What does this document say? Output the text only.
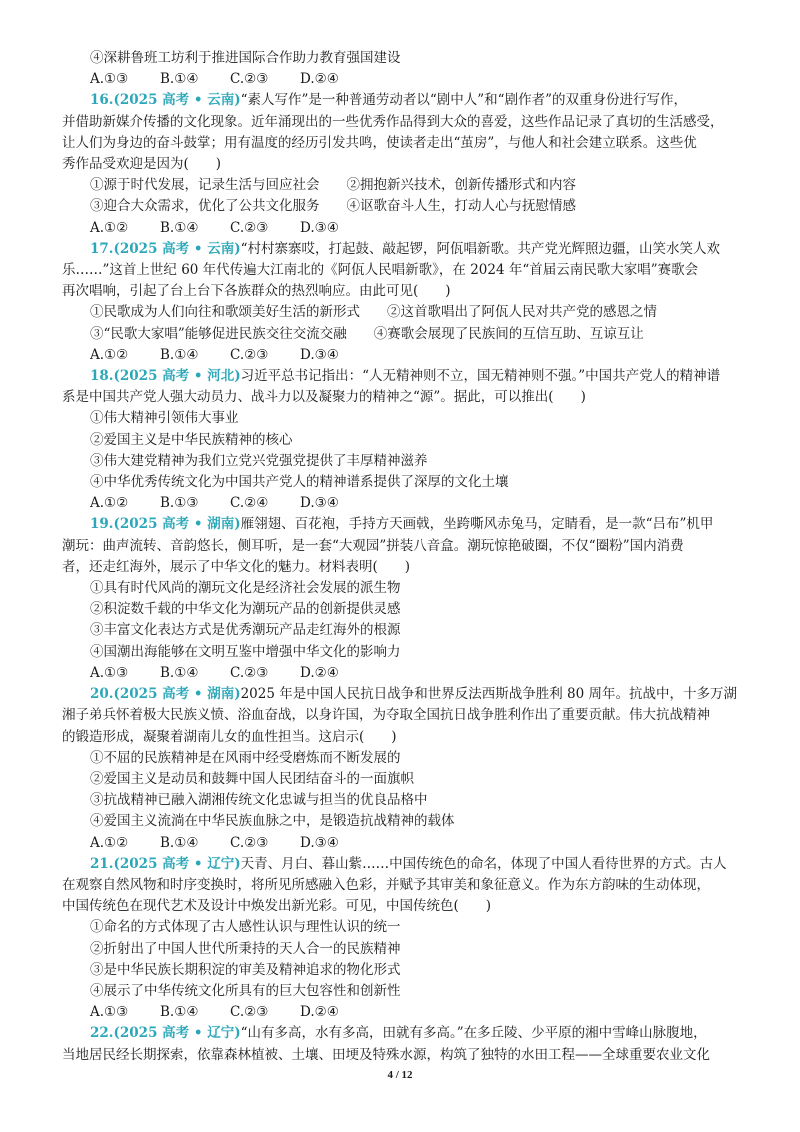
④深耕鲁班工坊利于推进国际合作助力教育强国建设
A.①③ B.①④ C.②③ D.②④
16.(2025 高考 • 云南)“素人写作”是一种普通劳动者以“剧中人”和“剧作者”的双重身份进行写作，
并借助新媒介传播的文化现象。近年涌现出的一些优秀作品得到大众的喜爱，这些作品记录了真切的生活感受，
让人们为身边的奋斗鼓掌；用有温度的经历引发共鸣，使读者走出“茧房”，与他人和社会建立联系。这些优
秀作品受欢迎是因为(　　)
①源于时代发展，记录生活与回应社会　　②拥抱新兴技术，创新传播形式和内容
③迎合大众需求，优化了公共文化服务　　④讴歌奋斗人生，打动人心与抚慰情感
A.①② B.①④ C.②③ D.③④
17.(2025 高考 • 云南)“村村寨寨哎，打起鼓、敲起锣，阿佤唱新歌。共产党光辉照边疆，山笑水笑人欢
乐……”这首上世纪 60 年代传遍大江南北的《阿佤人民唱新歌》，在 2024 年“首届云南民歌大家唱”赛歌会
再次唱响，引起了台上台下各族群众的热烈响应。由此可见(　　)
①民歌成为人们向往和歌颂美好生活的新形式　　②这首歌唱出了阿佤人民对共产党的感恩之情
③“民歌大家唱”能够促进民族交往交流交融　　④赛歌会展现了民族间的互信互助、互谅互让
A.①② B.①④ C.②③ D.③④
18.(2025 高考 • 河北)习近平总书记指出：“人无精神则不立，国无精神则不强。”中国共产党人的精神谱
系是中国共产党人强大动员力、战斗力以及凝聚力的精神之“源”。据此，可以推出(　　)
①伟大精神引领伟大事业
②爱国主义是中华民族精神的核心
③伟大建党精神为我们立党兴党强党提供了丰厚精神滋养
④中华优秀传统文化为中国共产党人的精神谱系提供了深厚的文化土壤
A.①② B.①③ C.②④ D.③④
19.(2025 高考 • 湖南)雁翎翅、百花袍，手持方天画戟，坐跨嘶风赤兔马，定睛看，是一款“吕布”机甲
潮玩：曲声流转、音韵悠长，侧耳听，是一套“大观园”拼装八音盒。潮玩惊艳破圈，不仅“圈粉”国内消费
者，还走红海外，展示了中华文化的魅力。材料表明(　　)
①具有时代风尚的潮玩文化是经济社会发展的派生物
②积淀数千载的中华文化为潮玩产品的创新提供灵感
③丰富文化表达方式是优秀潮玩产品走红海外的根源
④国潮出海能够在文明互鉴中增强中华文化的影响力
A.①③ B.①④ C.②③ D.②④
20.(2025 高考 • 湖南)2025 年是中国人民抗日战争和世界反法西斯战争胜利 80 周年。抗战中，十多万湖
湘子弟兵怀着极大民族义愤、浴血奋战，以身许国，为夺取全国抗日战争胜利作出了重要贡献。伟大抗战精神
的锻造形成，凝聚着湖南儿女的血性担当。这启示(　　)
①不屈的民族精神是在风雨中经受磨炼而不断发展的
②爱国主义是动员和鼓舞中国人民团结奋斗的一面旗帜
③抗战精神已融入湖湘传统文化忠诚与担当的优良品格中
④爱国主义流淌在中华民族血脉之中，是锻造抗战精神的载体
A.①② B.①④ C.②③ D.③④
21.(2025 高考 • 辽宁)天青、月白、暮山紫……中国传统色的命名，体现了中国人看待世界的方式。古人
在观察自然风物和时序变换时，将所见所感融入色彩，并赋予其审美和象征意义。作为东方韵味的生动体现，
中国传统色在现代艺术及设计中焕发出新光彩。可见，中国传统色(　　)
①命名的方式体现了古人感性认识与理性认识的统一
②折射出了中国人世代所秉持的天人合一的民族精神
③是中华民族长期积淀的审美及精神追求的物化形式
④展示了中华传统文化所具有的巨大包容性和创新性
A.①③ B.①④ C.②③ D.②④
22.(2025 高考 • 辽宁)“山有多高，水有多高，田就有多高。”在多丘陵、少平原的湘中雪峰山脉腹地，
当地居民经长期探索，依靠森林植被、土壤、田埂及特殊水源，构筑了独特的水田工程——全球重要农业文化
4 / 12
